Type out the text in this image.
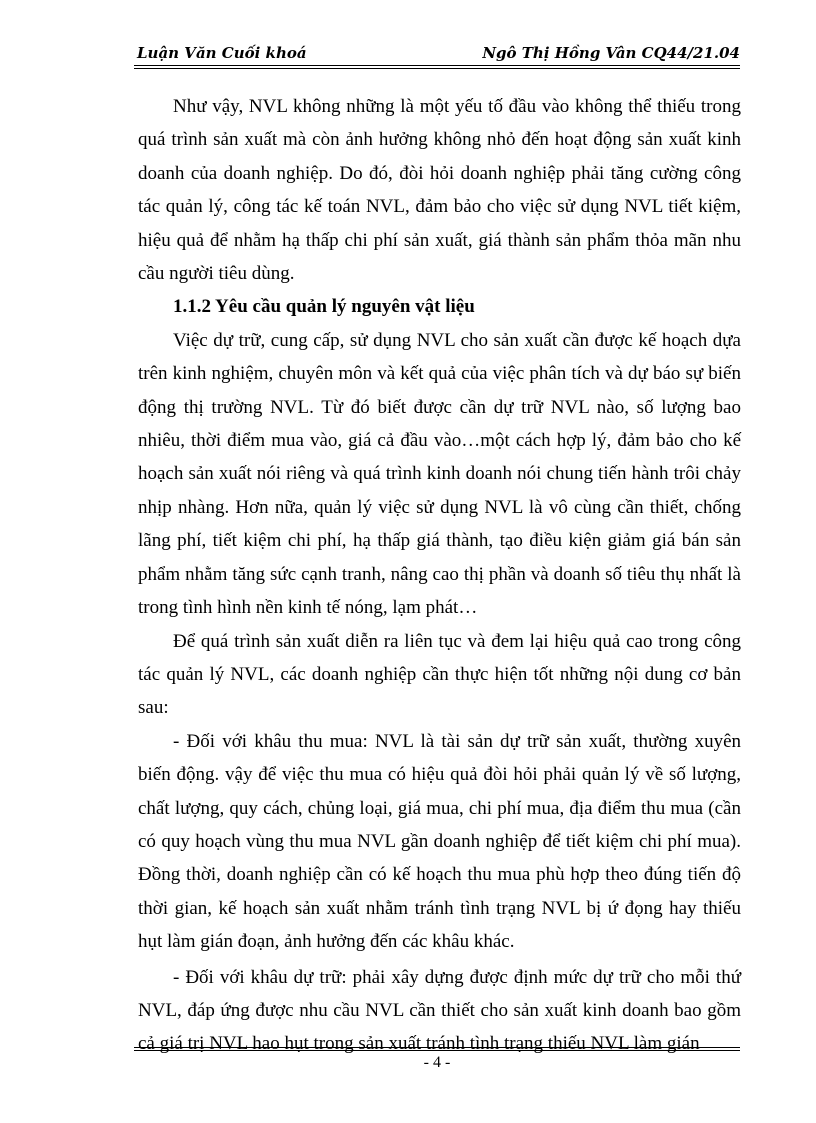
Luận Văn Cuối khoá	Ngô Thị Hồng Vân CQ44/21.04

Như vậy, NVL không những là một yếu tố đầu vào không thể thiếu trong quá trình sản xuất mà còn ảnh hưởng không nhỏ đến hoạt động sản xuất kinh doanh của doanh nghiệp. Do đó, đòi hỏi doanh nghiệp phải tăng cường công tác quản lý, công tác kế toán NVL, đảm bảo cho việc sử dụng NVL tiết kiệm, hiệu quả để nhằm hạ thấp chi phí sản xuất, giá thành sản phẩm thỏa mãn nhu cầu người tiêu dùng.

1.1.2 Yêu cầu quản lý nguyên vật liệu

Việc dự trữ, cung cấp, sử dụng NVL cho sản xuất cần được kế hoạch dựa trên kinh nghiệm, chuyên môn và kết quả của việc phân tích và dự báo sự biến động thị trường NVL. Từ đó biết được cần dự trữ NVL nào, số lượng bao nhiêu, thời điểm mua vào, giá cả đầu vào…một cách hợp lý, đảm bảo cho kế hoạch sản xuất nói riêng và quá trình kinh doanh nói chung tiến hành trôi chảy nhịp nhàng. Hơn nữa, quản lý việc sử dụng NVL là vô cùng cần thiết, chống lãng phí, tiết kiệm chi phí, hạ thấp giá thành, tạo điều kiện giảm giá bán sản phẩm nhằm tăng sức cạnh tranh, nâng cao thị phần và doanh số tiêu thụ nhất là trong tình hình nền kinh tế nóng, lạm phát…

Để quá trình sản xuất diễn ra liên tục và đem lại hiệu quả cao trong công tác quản lý NVL, các doanh nghiệp cần thực hiện tốt những nội dung cơ bản sau:

- Đối với khâu thu mua: NVL là tài sản dự trữ sản xuất, thường xuyên biến động. vậy để việc thu mua có hiệu quả đòi hỏi phải quản lý về số lượng, chất lượng, quy cách, chủng loại, giá mua, chi phí mua, địa điểm thu mua (cần có quy hoạch vùng thu mua NVL gần doanh nghiệp để tiết kiệm chi phí mua). Đồng thời, doanh nghiệp cần có kế hoạch thu mua phù hợp theo đúng tiến độ thời gian, kế hoạch sản xuất nhằm tránh tình trạng NVL bị ứ đọng hay thiếu hụt làm gián đoạn, ảnh hưởng đến các khâu khác.

- Đối với khâu dự trữ: phải xây dựng được định mức dự trữ cho mỗi thứ NVL, đáp ứng được nhu cầu NVL cần thiết cho sản xuất kinh doanh bao gồm cả giá trị NVL hao hụt trong sản xuất tránh tình trạng thiếu NVL làm gián

- 4 -
